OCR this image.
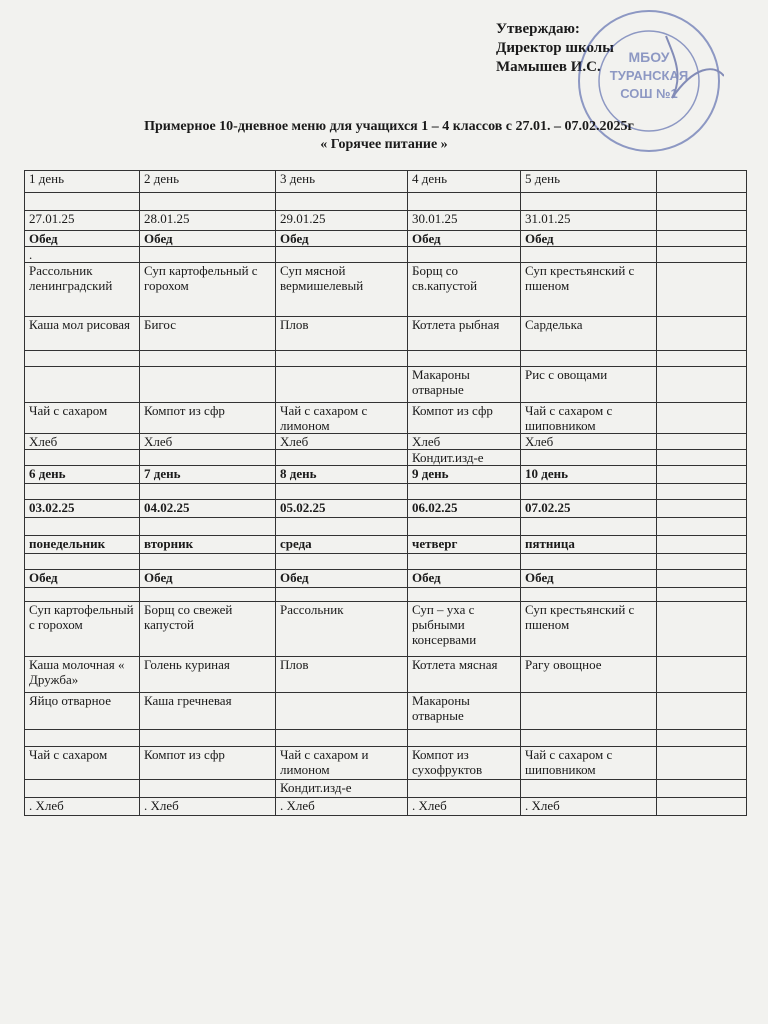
Утверждаю:
Директор школы
Мамышев И.С.
МБОУ
ТУРАНСКАЯ
СОШ №1
Примерное 10-дневное меню для учащихся 1 – 4 классов с 27.01. – 07.02.2025г
« Горячее питание »
1 день	2 день	3 день	4 день	5 день	

27.01.25	28.01.25	29.01.25	30.01.25	31.01.25	
Обед	Обед	Обед	Обед	Обед	
.					
Рассольник ленинградский	Суп картофельный с горохом	Суп мясной вермишелевый	Борщ со св.капустой	Суп крестьянский с пшеном	
Каша мол рисовая	Бигос	Плов	Котлета рыбная	Сарделька	

			Макароны отварные	Рис с овощами	
Чай с сахаром	Компот из сфр	Чай с сахаром с лимоном	Компот из сфр	Чай с сахаром с шиповником	
Хлеб	Хлеб	Хлеб	Хлеб	Хлеб	
			Кондит.изд-е		
6 день	7 день	8 день	9 день	10 день	

03.02.25	04.02.25	05.02.25	06.02.25	07.02.25	

понедельник	вторник	среда	четверг	пятница	

Обед	Обед	Обед	Обед	Обед	

Суп картофельный с горохом	Борщ со свежей капустой	Рассольник	Суп – уха с рыбными консервами	Суп крестьянский с пшеном	
Каша молочная « Дружба»	Голень куриная	Плов	Котлета мясная	Рагу овощное	
Яйцо отварное	Каша гречневая		Макароны отварные		

Чай с сахаром	Компот из сфр	Чай с сахаром и лимоном	Компот из сухофруктов	Чай с сахаром с шиповником	
		Кондит.изд-е			
. Хлеб	. Хлеб	. Хлеб	. Хлеб	. Хлеб	
